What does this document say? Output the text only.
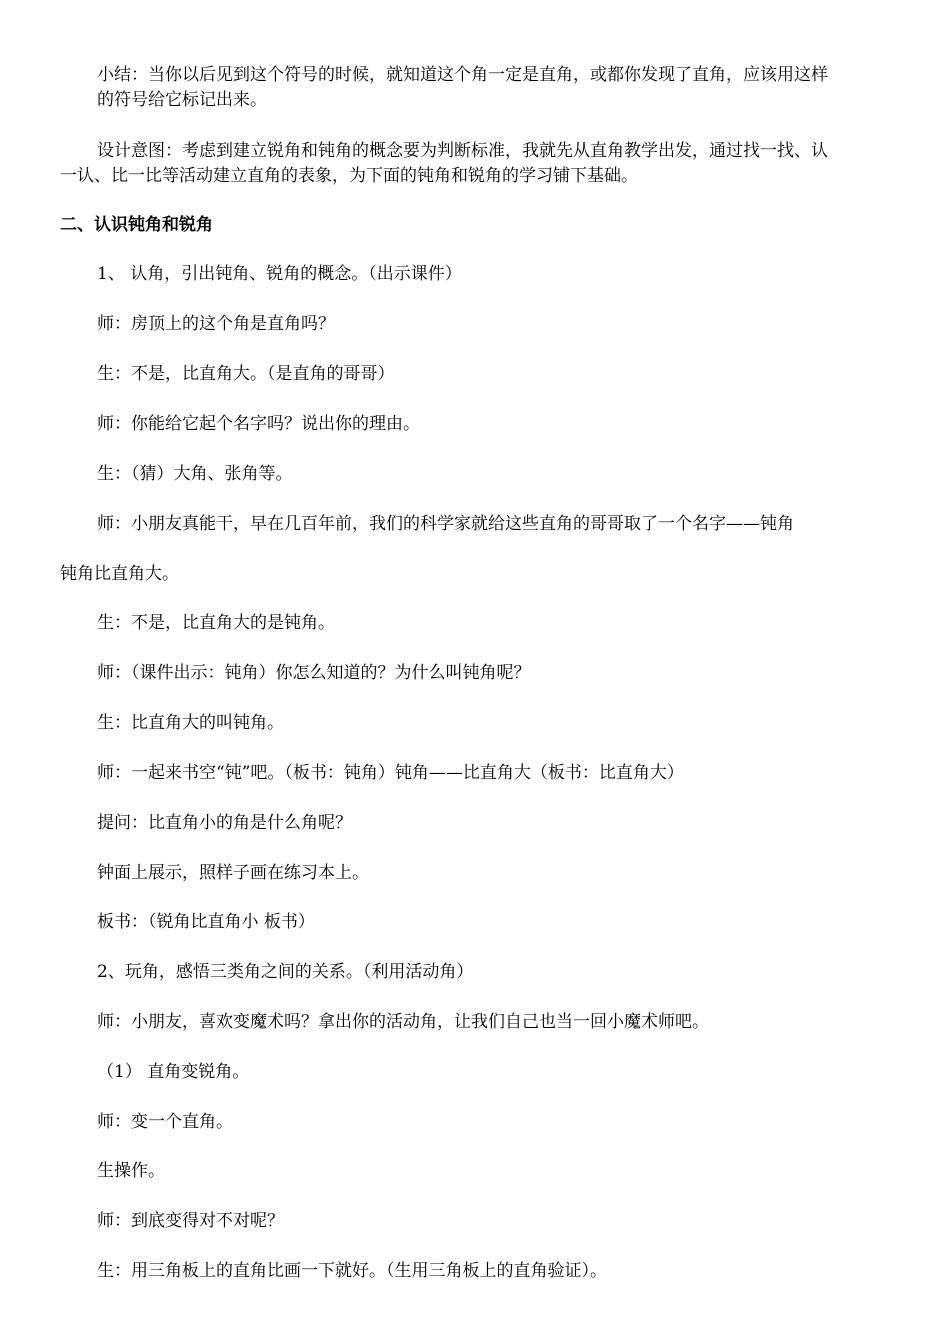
小结：当你以后见到这个符号的时候，就知道这个角一定是直角，或都你发现了直角，应该用这样
的符号给它标记出来。
设计意图：考虑到建立锐角和钝角的概念要为判断标准，我就先从直角教学出发，通过找一找、认
一认、比一比等活动建立直角的表象，为下面的钝角和锐角的学习铺下基础。
二、认识钝角和锐角
1、 认角，引出钝角、锐角的概念。（出示课件）
师：房顶上的这个角是直角吗？
生：不是，比直角大。（是直角的哥哥）
师：你能给它起个名字吗？说出你的理由。
生：（猜）大角、张角等。
师：小朋友真能干，早在几百年前，我们的科学家就给这些直角的哥哥取了一个名字——钝角
钝角比直角大。
生：不是，比直角大的是钝角。
师：（课件出示：钝角）你怎么知道的？为什么叫钝角呢？
生：比直角大的叫钝角。
师：一起来书空“钝”吧。（板书：钝角）钝角——比直角大（板书：比直角大）
提问：比直角小的角是什么角呢？
钟面上展示，照样子画在练习本上。
板书：（锐角比直角小 板书）
2、玩角，感悟三类角之间的关系。（利用活动角）
师：小朋友，喜欢变魔术吗？拿出你的活动角，让我们自己也当一回小魔术师吧。
（1） 直角变锐角。
师：变一个直角。
生操作。
师：到底变得对不对呢？
生：用三角板上的直角比画一下就好。（生用三角板上的直角验证）。
